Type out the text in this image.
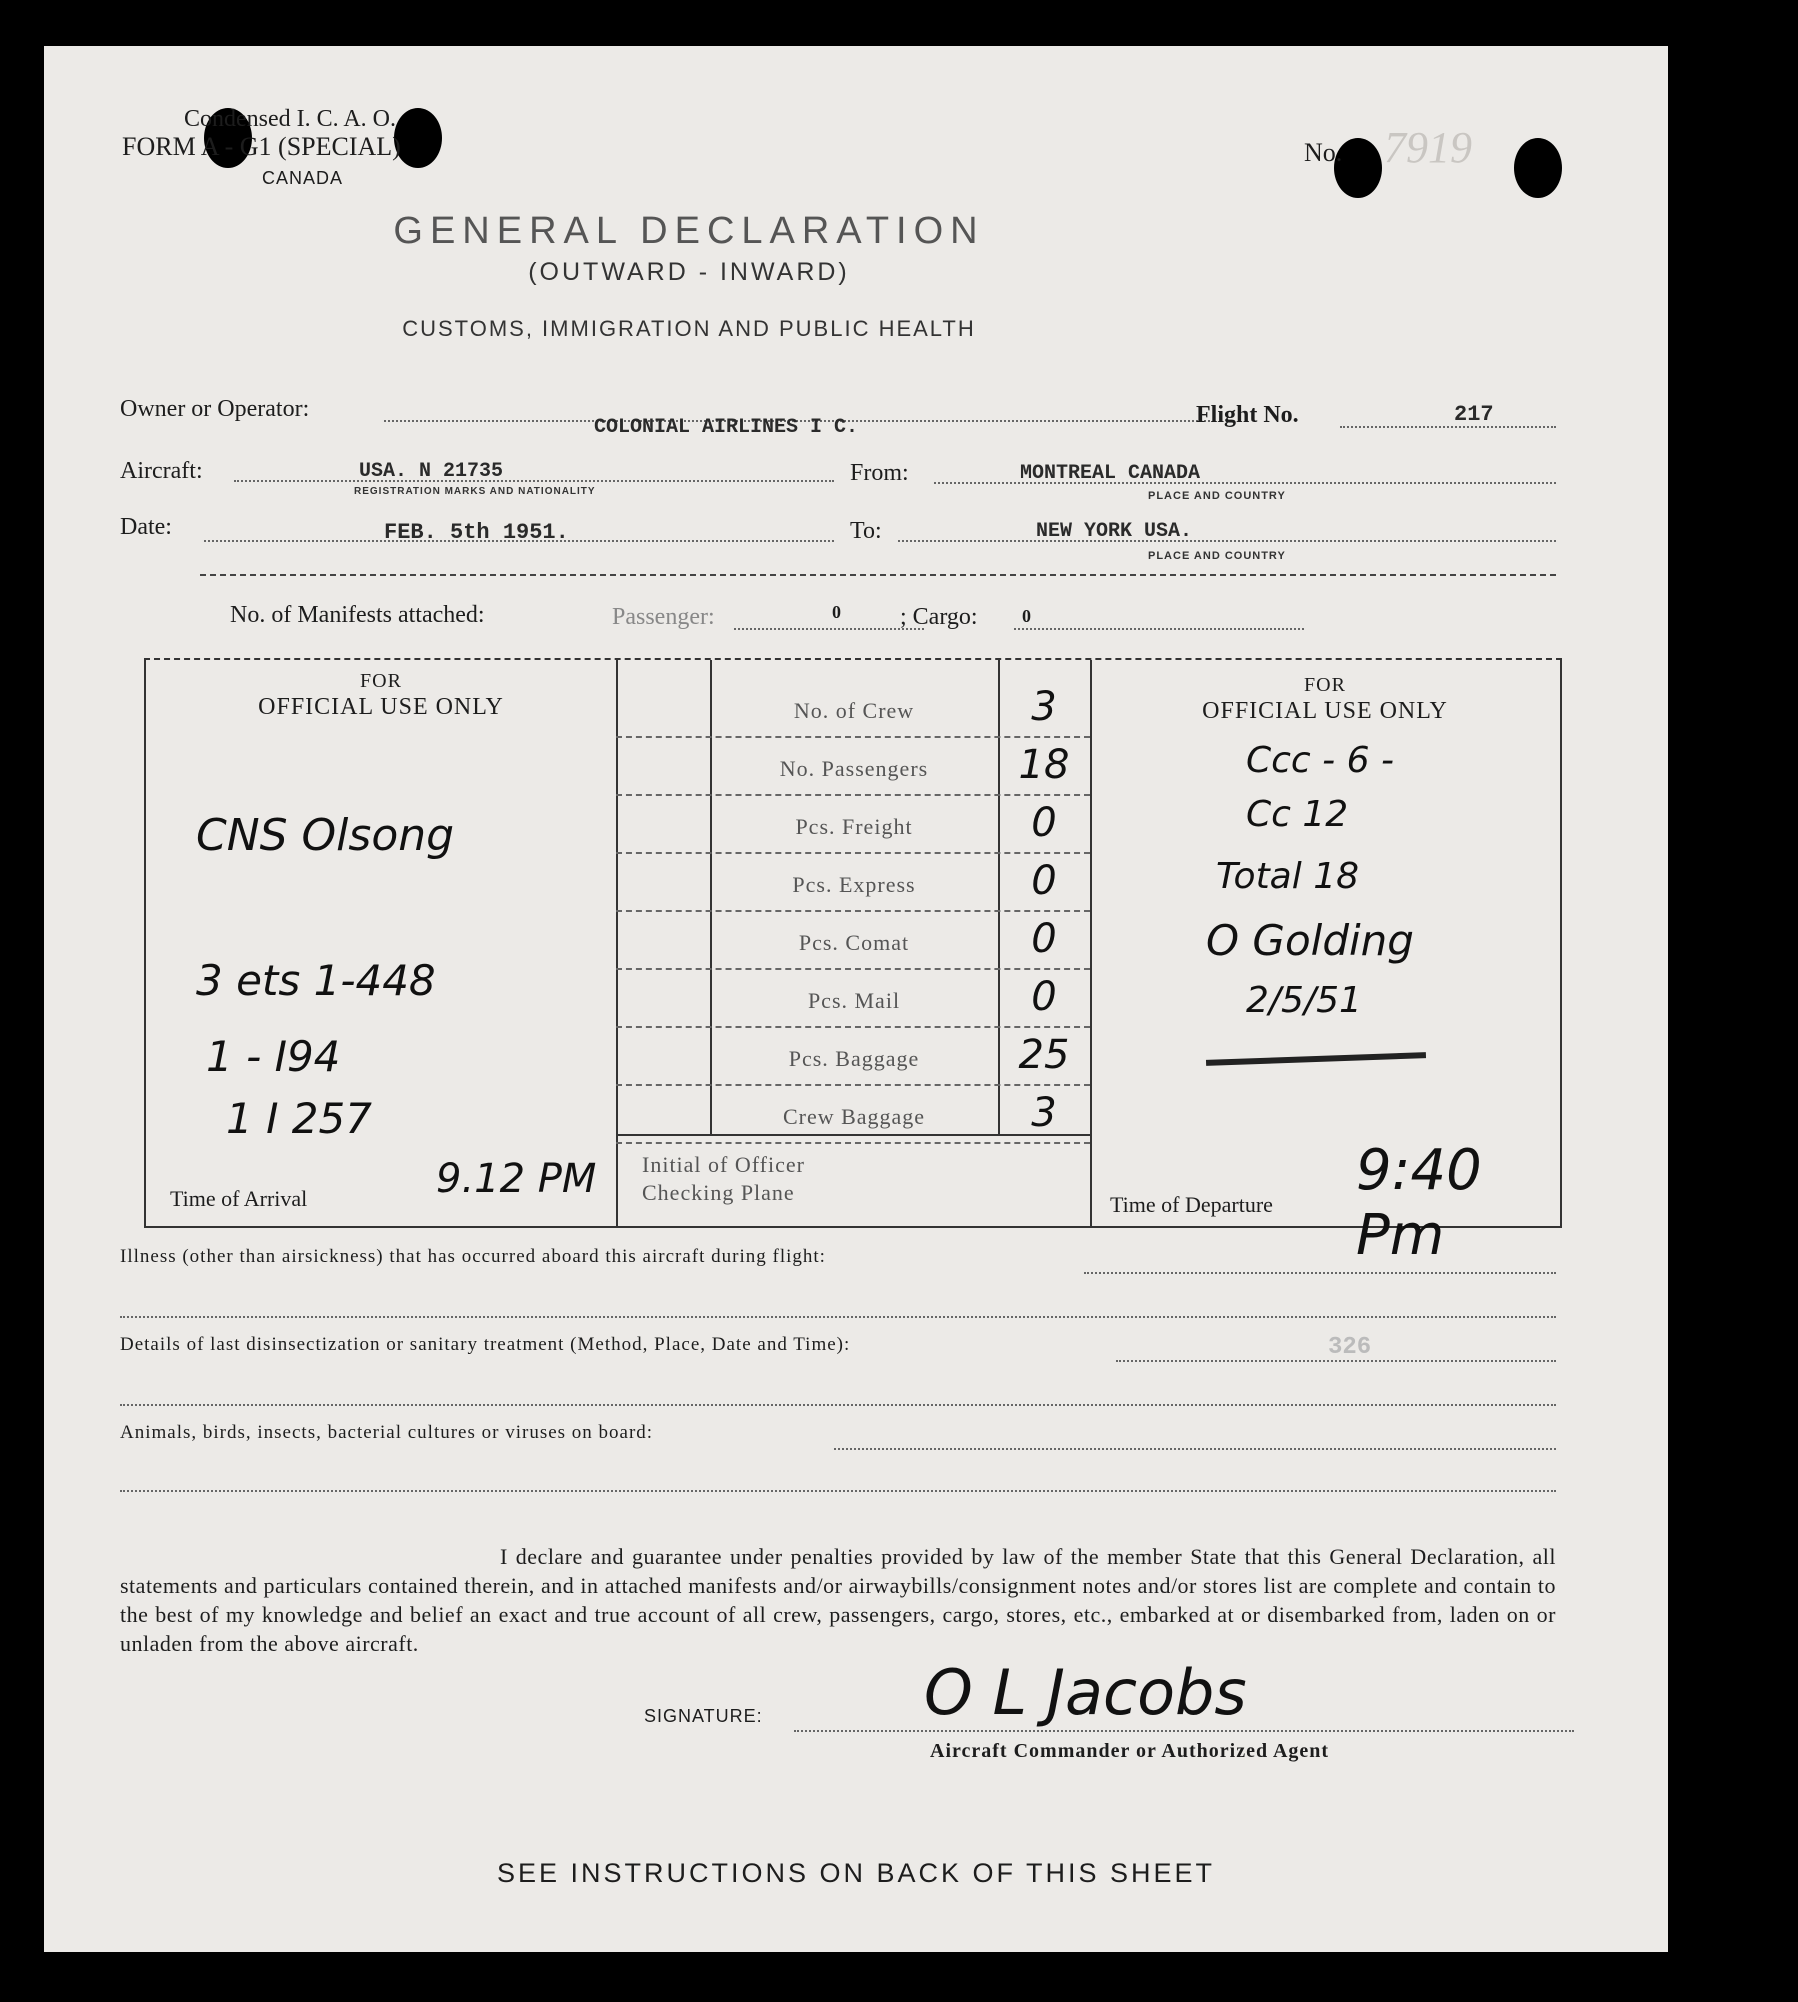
Condensed I. C. A. O.
FORM A - G1 (SPECIAL)
CANADA
No. 7919
GENERAL DECLARATION
(OUTWARD - INWARD)
CUSTOMS, IMMIGRATION AND PUBLIC HEALTH
Owner or Operator:
COLONIAL AIRLINES I C.	Flight No.	217
Aircraft:	USA. N 21735
REGISTRATION MARKS AND NATIONALITY
From:	MONTREAL CANADA
PLACE AND COUNTRY
Date:	FEB. 5th 1951.	To:	NEW YORK USA.
PLACE AND COUNTRY
No. of Manifests attached:	Passenger:	0 ; Cargo: 0
FOR
OFFICIAL USE ONLY
FOR
OFFICIAL USE ONLY
No. of Crew	3
No. Passengers	18
Pcs. Freight	0
Pcs. Express	0
Pcs. Comat	0
Pcs. Mail	0
Pcs. Baggage	25
Crew Baggage	3
Initial of Officer
Checking Plane
Time of Arrival	9.12 PM
Time of Departure
9:40 Pm
CNS Olsong
3 ets 1-448
1 - I94
1 I 257
Ccc - 6 -
Cc 12
Total 18
O Golding
2/5/51
Illness (other than airsickness) that has occurred aboard this aircraft during flight:
Details of last disinsectization or sanitary treatment (Method, Place, Date and Time):	326
Animals, birds, insects, bacterial cultures or viruses on board:
I declare and guarantee under penalties provided by law of the member State that this General Declaration, all statements and particulars contained therein, and in attached manifests and/or airwaybills/consignment notes and/or stores list are complete and contain to the best of my knowledge and belief an exact and true account of all crew, passengers, cargo, stores, etc., embarked at or disembarked from, laden on or unladen from the above aircraft.
SIGNATURE:	O L Jacobs
Aircraft Commander or Authorized Agent
SEE INSTRUCTIONS ON BACK OF THIS SHEET
